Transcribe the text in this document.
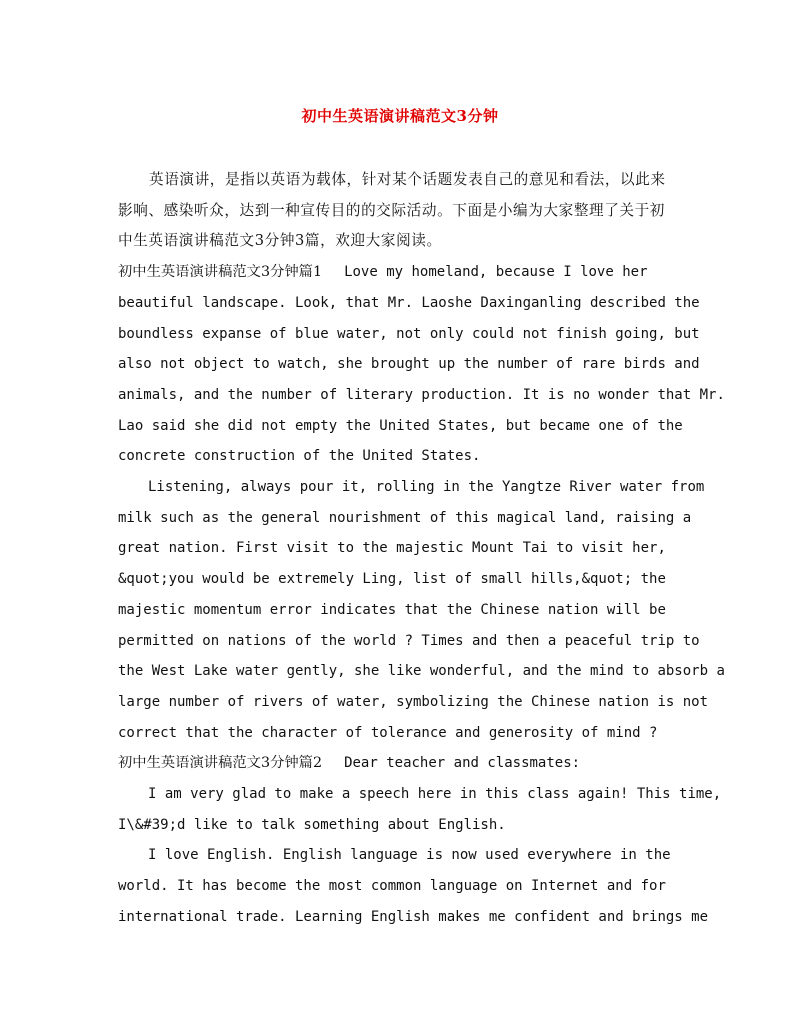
初中生英语演讲稿范文3分钟
英语演讲，是指以英语为载体，针对某个话题发表自己的意见和看法，以此来
影响、感染听众，达到一种宣传目的的交际活动。下面是小编为大家整理了关于初
中生英语演讲稿范文3分钟3篇，欢迎大家阅读。
初中生英语演讲稿范文3分钟篇1 Love my homeland, because I love her
beautiful landscape. Look, that Mr. Laoshe Daxinganling described the
boundless expanse of blue water, not only could not finish going, but
also not object to watch, she brought up the number of rare birds and
animals, and the number of literary production. It is no wonder that Mr.
Lao said she did not empty the United States, but became one of the
concrete construction of the United States.
Listening, always pour it, rolling in the Yangtze River water from
milk such as the general nourishment of this magical land, raising a
great nation. First visit to the majestic Mount Tai to visit her,
&quot;you would be extremely Ling, list of small hills,&quot; the
majestic momentum error indicates that the Chinese nation will be
permitted on nations of the world ? Times and then a peaceful trip to
the West Lake water gently, she like wonderful, and the mind to absorb a
large number of rivers of water, symbolizing the Chinese nation is not
correct that the character of tolerance and generosity of mind ?
初中生英语演讲稿范文3分钟篇2 Dear teacher and classmates:
I am very glad to make a speech here in this class again! This time,
I\&#39;d like to talk something about English.
I love English. English language is now used everywhere in the
world. It has become the most common language on Internet and for
international trade. Learning English makes me confident and brings me
